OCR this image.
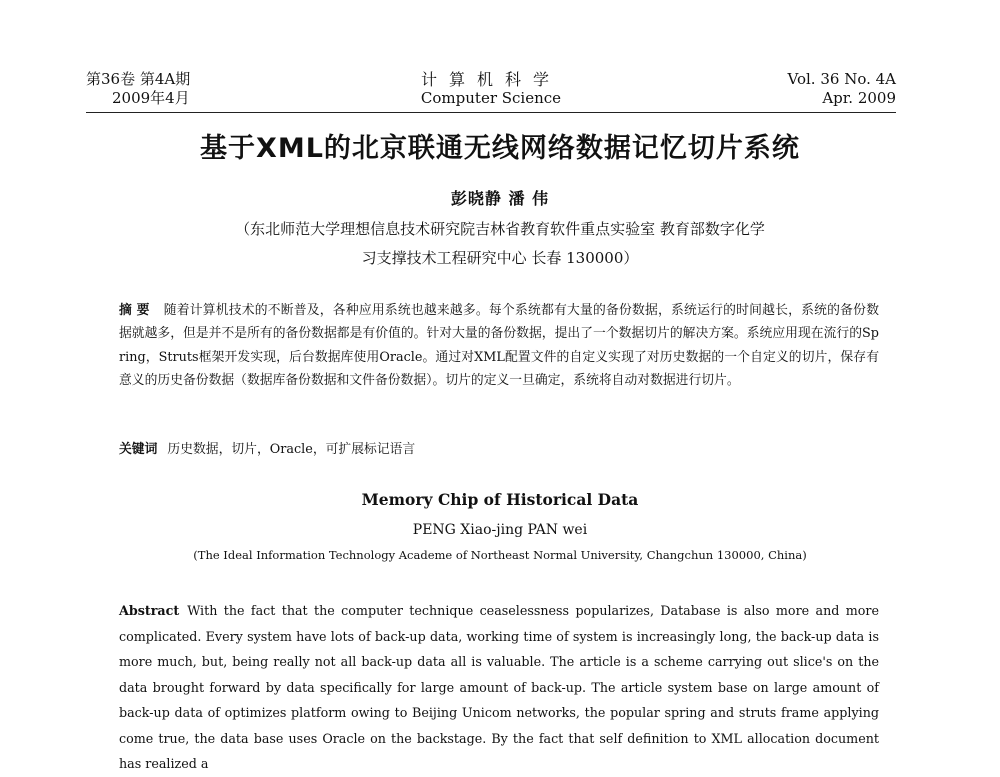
第36卷 第4A期
2009年4月
计算机科学
Computer Science
Vol. 36 No. 4A
Apr. 2009
基于XML的北京联通无线网络数据记忆切片系统
彭晓静 潘 伟
（东北师范大学理想信息技术研究院吉林省教育软件重点实验室 教育部数字化学
习支撑技术工程研究中心 长春 130000）
摘 要 随着计算机技术的不断普及，各种应用系统也越来越多。每个系统都有大量的备份数据，系统运行的时间越长，系统的备份数据就越多，但是并不是所有的备份数据都是有价值的。针对大量的备份数据，提出了一个数据切片的解决方案。系统应用现在流行的Spring，Struts框架开发实现，后台数据库使用Oracle。通过对XML配置文件的自定义实现了对历史数据的一个自定义的切片，保存有意义的历史备份数据（数据库备份数据和文件备份数据）。切片的定义一旦确定，系统将自动对数据进行切片。
关键词 历史数据，切片，Oracle，可扩展标记语言
Memory Chip of Historical Data
PENG Xiao-jing PAN wei
(The Ideal Information Technology Academe of Northeast Normal University, Changchun 130000, China)
Abstract With the fact that the computer technique ceaselessness popularizes, Database is also more and more complicated. Every system have lots of back-up data, working time of system is increasingly long, the back-up data is more much, but, being really not all back-up data all is valuable. The article is a scheme carrying out slice's on the data brought forward by data specifically for large amount of back-up. The article system base on large amount of back-up data of optimizes platform owing to Beijing Unicom networks, the popular spring and struts frame applying come true, the data base uses Oracle on the backstage. By the fact that self definition to XML allocation document has realized a
